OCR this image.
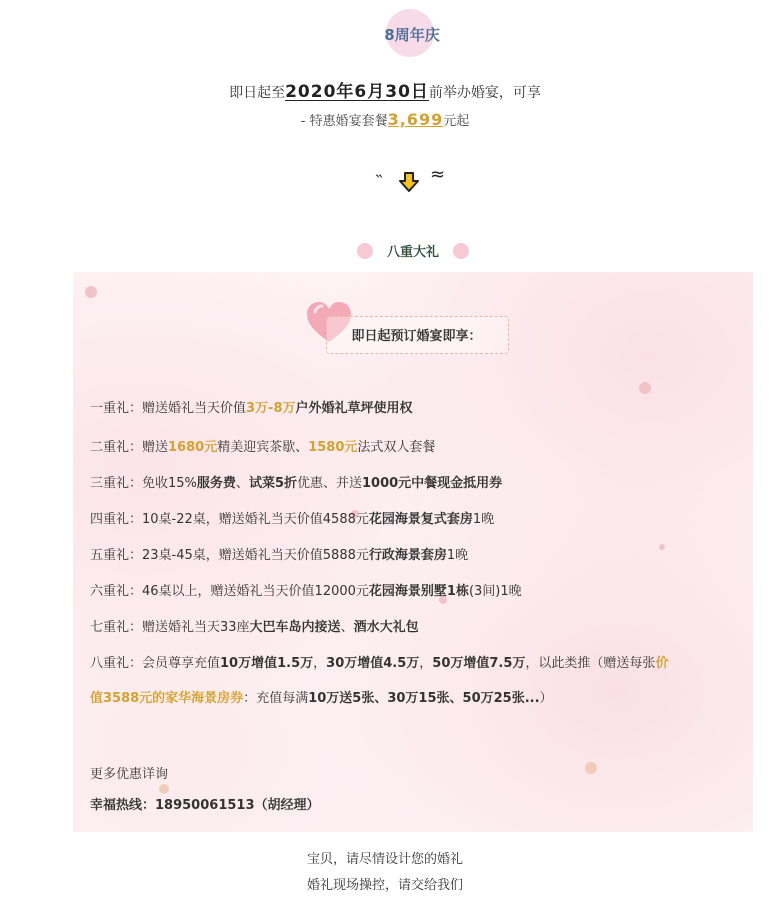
8周年庆
即日起至2020年6月30日前举办婚宴，可享
- 特惠婚宴套餐3,699元起
˵	≈
八重大礼
即日起预订婚宴即享：
一重礼：赠送婚礼当天价值3万-8万户外婚礼草坪使用权
二重礼：赠送1680元精美迎宾茶歇、1580元法式双人套餐
三重礼：免收15%服务费、试菜5折优惠、并送1000元中餐现金抵用券
四重礼：10桌-22桌，赠送婚礼当天价值4588元花园海景复式套房1晚
五重礼：23桌-45桌，赠送婚礼当天价值5888元行政海景套房1晚
六重礼：46桌以上，赠送婚礼当天价值12000元花园海景别墅1栋(3间)1晚
七重礼：赠送婚礼当天33座大巴车岛内接送、酒水大礼包
八重礼：会员尊享充值10万增值1.5万，30万增值4.5万，50万增值7.5万，以此类推（赠送每张价
值3588元的家华海景房券：充值每满10万送5张、30万15张、50万25张...）
更多优惠详询
幸福热线：18950061513（胡经理）
宝贝，请尽情设计您的婚礼
婚礼现场操控，请交给我们
